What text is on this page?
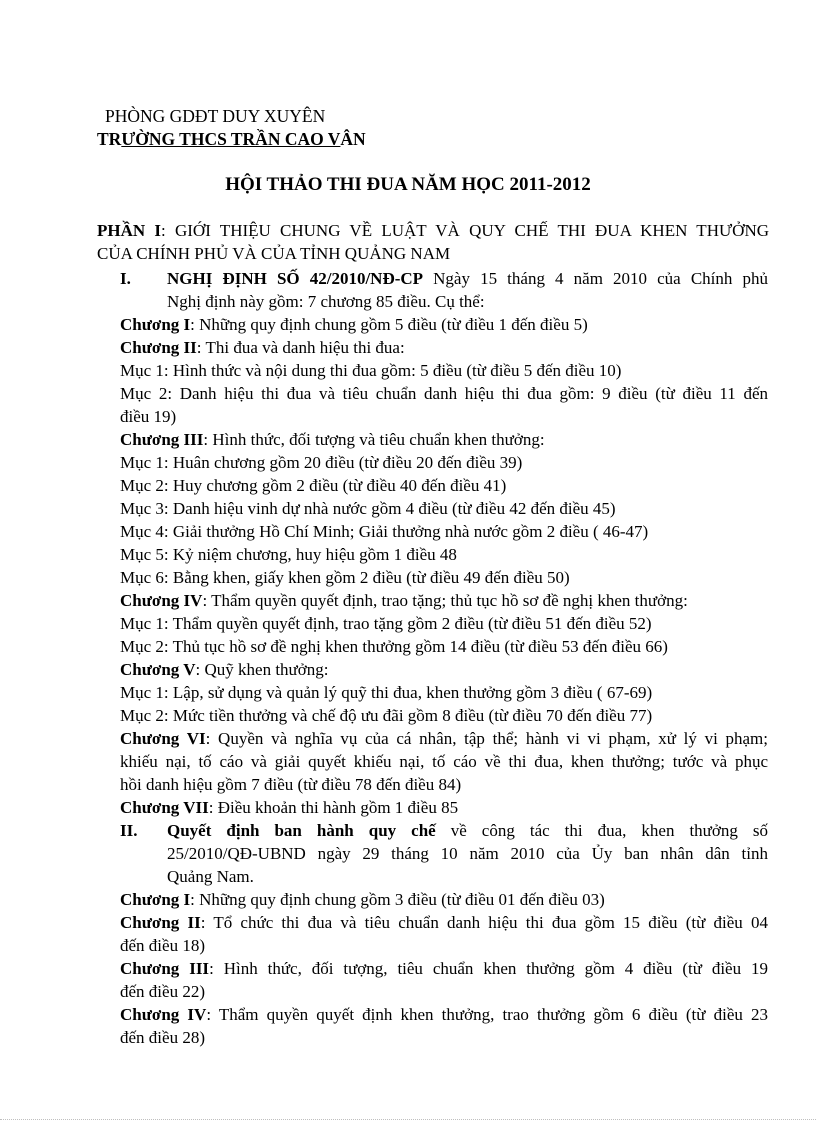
PHÒNG GDĐT DUY XUYÊN
TRƯỜNG THCS TRẦN CAO VÂN
HỘI THẢO THI ĐUA NĂM HỌC 2011-2012
PHẦN I: GIỚI THIỆU CHUNG VỀ LUẬT VÀ QUY CHẾ THI ĐUA KHEN THƯỞNG
CỦA CHÍNH PHỦ VÀ CỦA TỈNH QUẢNG NAM
I. NGHỊ ĐỊNH SỐ 42/2010/NĐ-CP Ngày 15 tháng 4 năm 2010 của Chính phủ
Nghị định này gồm: 7 chương 85 điều. Cụ thể:
Chương I: Những quy định chung gồm 5 điều (từ điều 1 đến điều 5)
Chương II: Thi đua và danh hiệu thi đua:
Mục 1: Hình thức và nội dung thi đua gồm: 5 điều (từ điều 5 đến điều 10)
Mục 2: Danh hiệu thi đua và tiêu chuẩn danh hiệu thi đua gồm: 9 điều (từ điều 11 đến
điều 19)
Chương III: Hình thức, đối tượng và tiêu chuẩn khen thưởng:
Mục 1: Huân chương gồm 20 điều (từ điều 20 đến điều 39)
Mục 2: Huy chương gồm 2 điều (từ điều 40 đến điều 41)
Mục 3: Danh hiệu vinh dự nhà nước gồm 4 điều (từ điều 42 đến điều 45)
Mục 4: Giải thưởng Hồ Chí Minh; Giải thưởng nhà nước gồm 2 điều ( 46-47)
Mục 5: Kỷ niệm chương, huy hiệu gồm 1 điều 48
Mục 6: Bằng khen, giấy khen gồm 2 điều (từ điều 49 đến điều 50)
Chương IV: Thẩm quyền quyết định, trao tặng; thủ tục hồ sơ đề nghị khen thưởng:
Mục 1: Thẩm quyền quyết định, trao tặng gồm 2 điều (từ điều 51 đến điều 52)
Mục 2: Thủ tục hồ sơ đề nghị khen thưởng gồm 14 điều (từ điều 53 đến điều 66)
Chương V: Quỹ khen thưởng:
Mục 1: Lập, sử dụng và quản lý quỹ thi đua, khen thưởng gồm 3 điều ( 67-69)
Mục 2: Mức tiền thưởng và chế độ ưu đãi gồm 8 điều (từ điều 70 đến điều 77)
Chương VI: Quyền và nghĩa vụ của cá nhân, tập thể; hành vi vi phạm, xử lý vi phạm;
khiếu nại, tố cáo và giải quyết khiếu nại, tố cáo về thi đua, khen thưởng; tước và phục
hồi danh hiệu gồm 7 điều (từ điều 78 đến điều 84)
Chương VII: Điều khoản thi hành gồm 1 điều 85
II. Quyết định ban hành quy chế về công tác thi đua, khen thưởng số
25/2010/QĐ-UBND ngày 29 tháng 10 năm 2010 của Ủy ban nhân dân tỉnh
Quảng Nam.
Chương I: Những quy định chung gồm 3 điều (từ điều 01 đến điều 03)
Chương II: Tổ chức thi đua và tiêu chuẩn danh hiệu thi đua gồm 15 điều (từ điều 04
đến điều 18)
Chương III: Hình thức, đối tượng, tiêu chuẩn khen thưởng gồm 4 điều (từ điều 19
đến điều 22)
Chương IV: Thẩm quyền quyết định khen thưởng, trao thưởng gồm 6 điều (từ điều 23
đến điều 28)
